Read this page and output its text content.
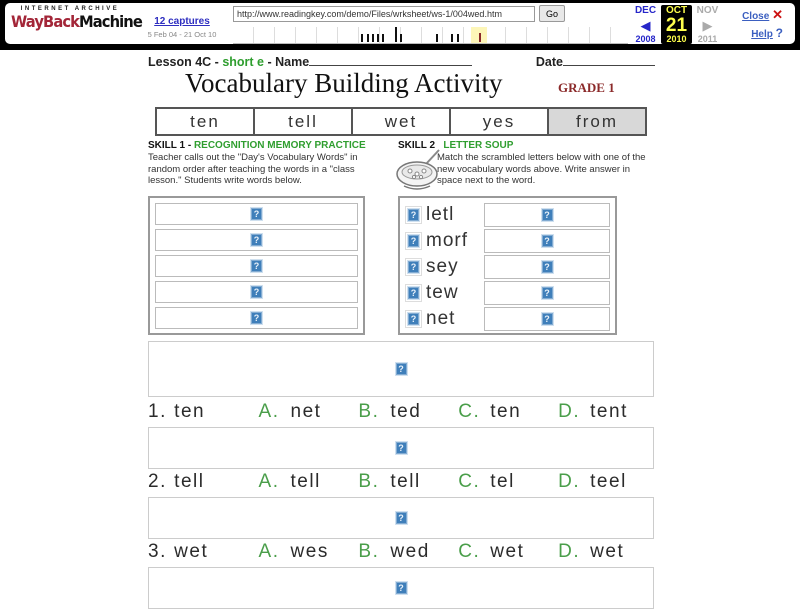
INTERNET ARCHIVE
WayBackMachine	12 captures
5 Feb 04 - 21 Oct 10
http://www.readingkey.com/demo/Files/wrksheet/ws-1/004wed.htm
Go	DEC
◀
2008
OCT
21
2010
NOV
▶
2011
Close ✕
Help ?
Lesson 4C - short e - Name	Date
Vocabulary Building Activity	GRADE 1
ten	tell	wet	yes	from
SKILL 1 - RECOGNITION MEMORY PRACTICE

Teacher calls out the "Day's Vocabulary Words" in random order after teaching the words in a "class lesson." Students write words below.

SKILL 2 LETTER SOUP

Match the scrambled letters below with one of the new vocabulary words above. Write answer in space next to the word.

?
?
?
?
?
? letl	?
? morf	?
? sey	?
? tew	?
? net	?
?
?
?
?
1. ten	A. net	B. ted	C. ten	D. tent
2. tell	A. tell	B. tell	C. tel	D. teel
3. wet	A. wes	B. wed	C. wet	D. wet
